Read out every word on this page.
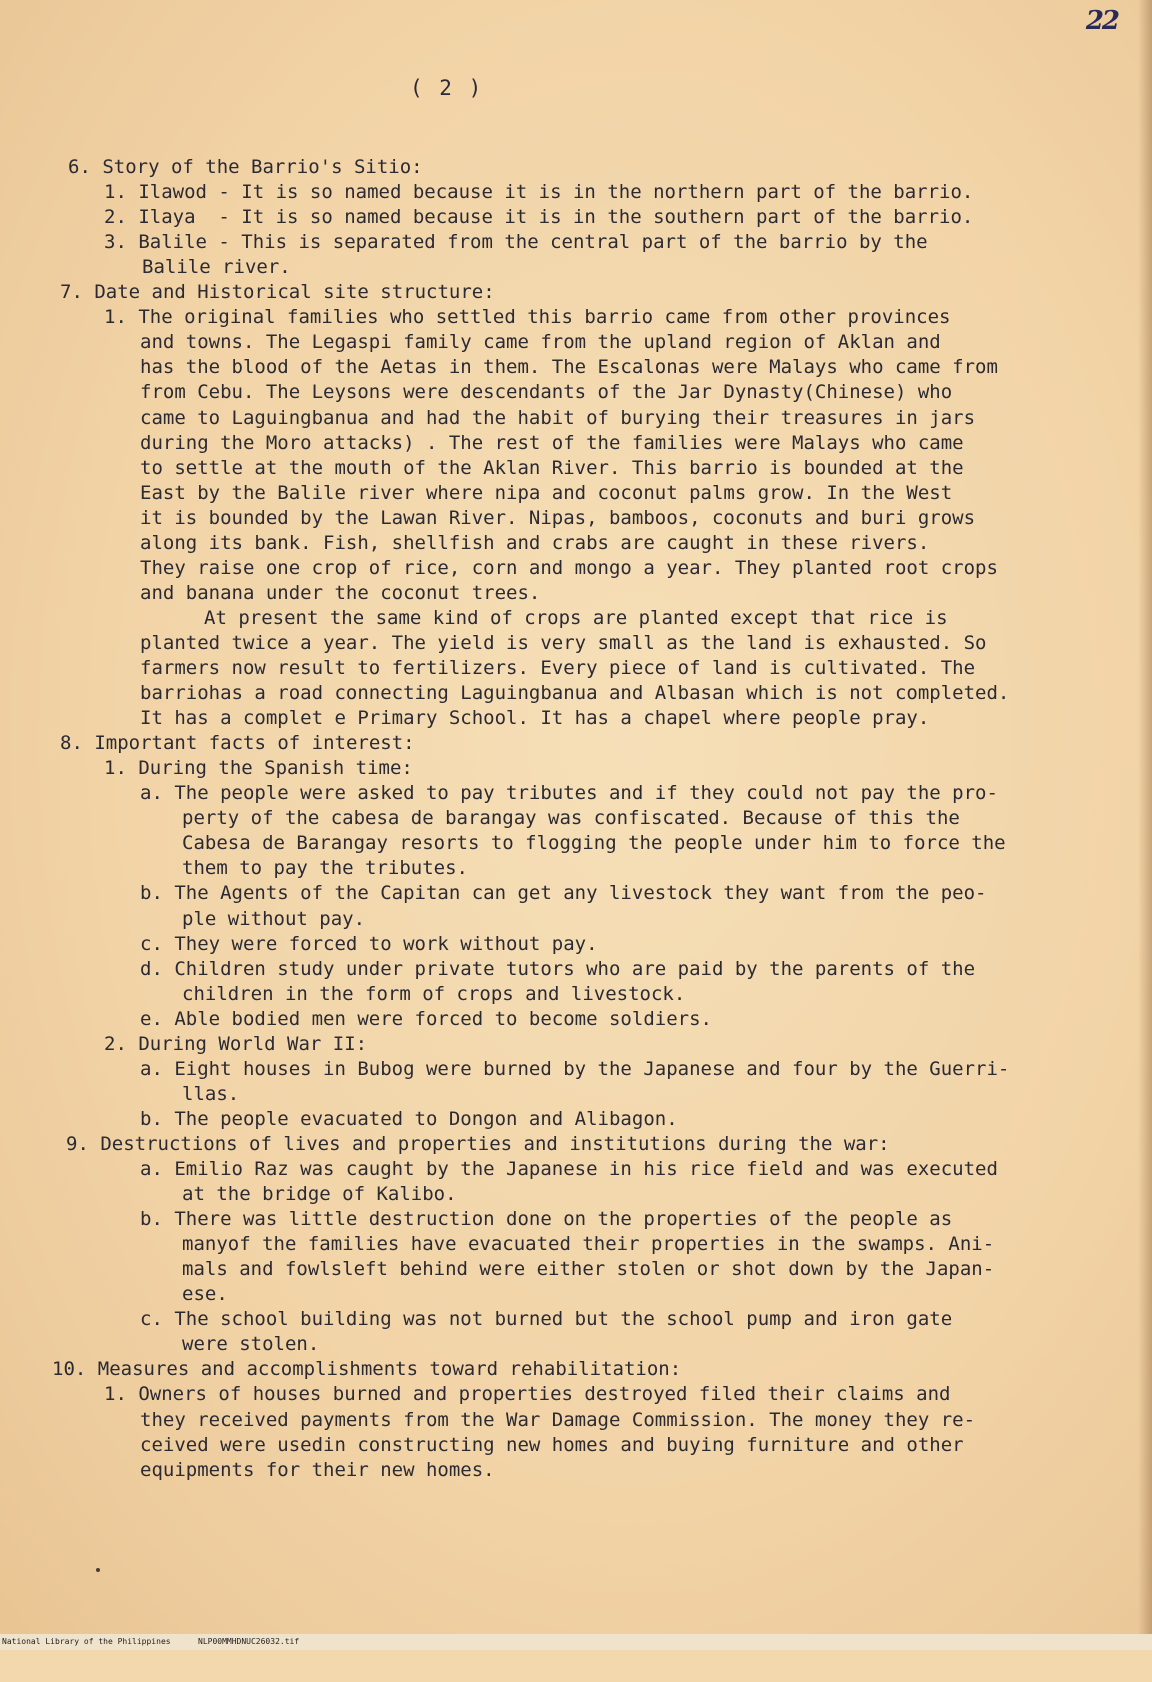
22
( 2 )
6. Story of the Barrio's Sitio:
1. Ilawod - It is so named because it is in the northern part of the barrio.
2. Ilaya  - It is so named because it is in the southern part of the barrio.
3. Balile - This is separated from the central part of the barrio by the
Balile river.
7. Date and Historical site structure:
1. The original families who settled this barrio came from other provinces
and towns. The Legaspi family came from the upland region of Aklan and
has the blood of the Aetas in them. The Escalonas were Malays who came from
from Cebu. The Leysons were descendants of the Jar Dynasty(Chinese) who
came to Laguingbanua and had the habit of burying their treasures in jars
during the Moro attacks) . The rest of the families were Malays who came
to settle at the mouth of the Aklan River. This barrio is bounded at the
East by the Balile river where nipa and coconut palms grow. In the West
it is bounded by the Lawan River. Nipas, bamboos, coconuts and buri grows
along its bank. Fish, shellfish and crabs are caught in these rivers.
They raise one crop of rice, corn and mongo a year. They planted root crops
and banana under the coconut trees.
At present the same kind of crops are planted except that rice is
planted twice a year. The yield is very small as the land is exhausted. So
farmers now result to fertilizers. Every piece of land is cultivated. The
barriohas a road connecting Laguingbanua and Albasan which is not completed.
It has a complet e Primary School. It has a chapel where people pray.
8. Important facts of interest:
1. During the Spanish time:
a. The people were asked to pay tributes and if they could not pay the pro-
perty of the cabesa de barangay was confiscated. Because of this the
Cabesa de Barangay resorts to flogging the people under him to force the
them to pay the tributes.
b. The Agents of the Capitan can get any livestock they want from the peo-
ple without pay.
c. They were forced to work without pay.
d. Children study under private tutors who are paid by the parents of the
children in the form of crops and livestock.
e. Able bodied men were forced to become soldiers.
2. During World War II:
a. Eight houses in Bubog were burned by the Japanese and four by the Guerri-
llas.
b. The people evacuated to Dongon and Alibagon.
9. Destructions of lives and properties and institutions during the war:
a. Emilio Raz was caught by the Japanese in his rice field and was executed
at the bridge of Kalibo.
b. There was little destruction done on the properties of the people as
manyof the families have evacuated their properties in the swamps. Ani-
mals and fowlsleft behind were either stolen or shot down by the Japan-
ese.
c. The school building was not burned but the school pump and iron gate
were stolen.
10. Measures and accomplishments toward rehabilitation:
1. Owners of houses burned and properties destroyed filed their claims and
they received payments from the War Damage Commission. The money they re-
ceived were usedin constructing new homes and buying furniture and other
equipments for their new homes.

National Library of the Philippines

	NLP00MMHDNUC26032.tif
